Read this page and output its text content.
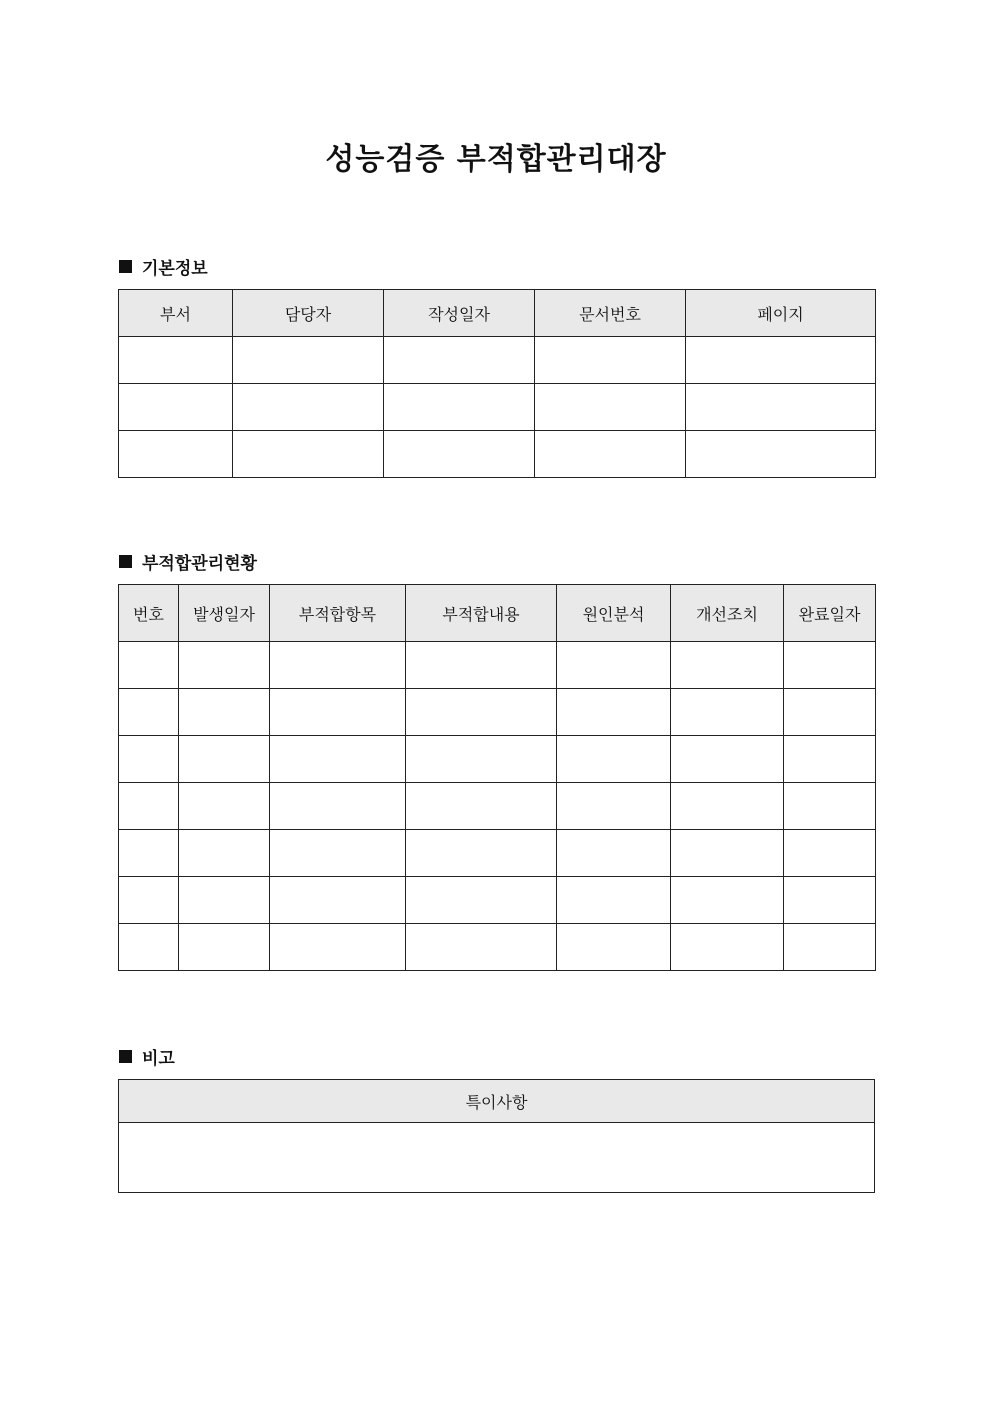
성능검증 부적합관리대장
기본정보
부서	담당자	작성일자	문서번호	페이지

부적합관리현황
번호	발생일자	부적합항목	부적합내용	원인분석	개선조치	완료일자

비고
특이사항
